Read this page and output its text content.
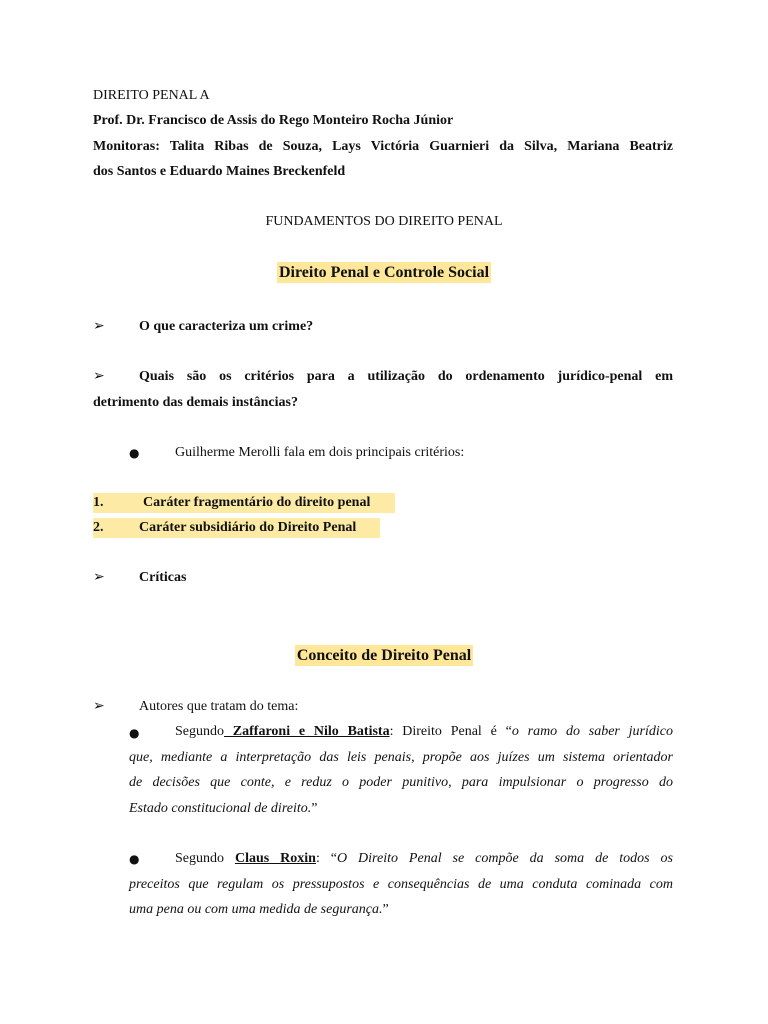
DIREITO PENAL A
Prof. Dr. Francisco de Assis do Rego Monteiro Rocha Júnior
Monitoras: Talita Ribas de Souza, Lays Victória Guarnieri da Silva, Mariana Beatriz
dos Santos e Eduardo Maines Breckenfeld
FUNDAMENTOS DO DIREITO PENAL
Direito Penal e Controle Social
➢ O que caracteriza um crime?
➢ Quais são os critérios para a utilização do ordenamento jurídico-penal em
detrimento das demais instâncias?
●	Guilherme Merolli fala em dois principais critérios:
1.	Caráter fragmentário do direito penal
2.	Caráter subsidiário do Direito Penal
➢ Críticas
Conceito de Direito Penal
➢ Autores que tratam do tema:
●	Segundo Zaffaroni e Nilo Batista: Direito Penal é “o ramo do saber jurídico
que, mediante a interpretação das leis penais, propõe aos juízes um sistema orientador
de decisões que conte, e reduz o poder punitivo, para impulsionar o progresso do
Estado constitucional de direito.”
●	Segundo Claus Roxin: “O Direito Penal se compõe da soma de todos os
preceitos que regulam os pressupostos e consequências de uma conduta cominada com
uma pena ou com uma medida de segurança.”
